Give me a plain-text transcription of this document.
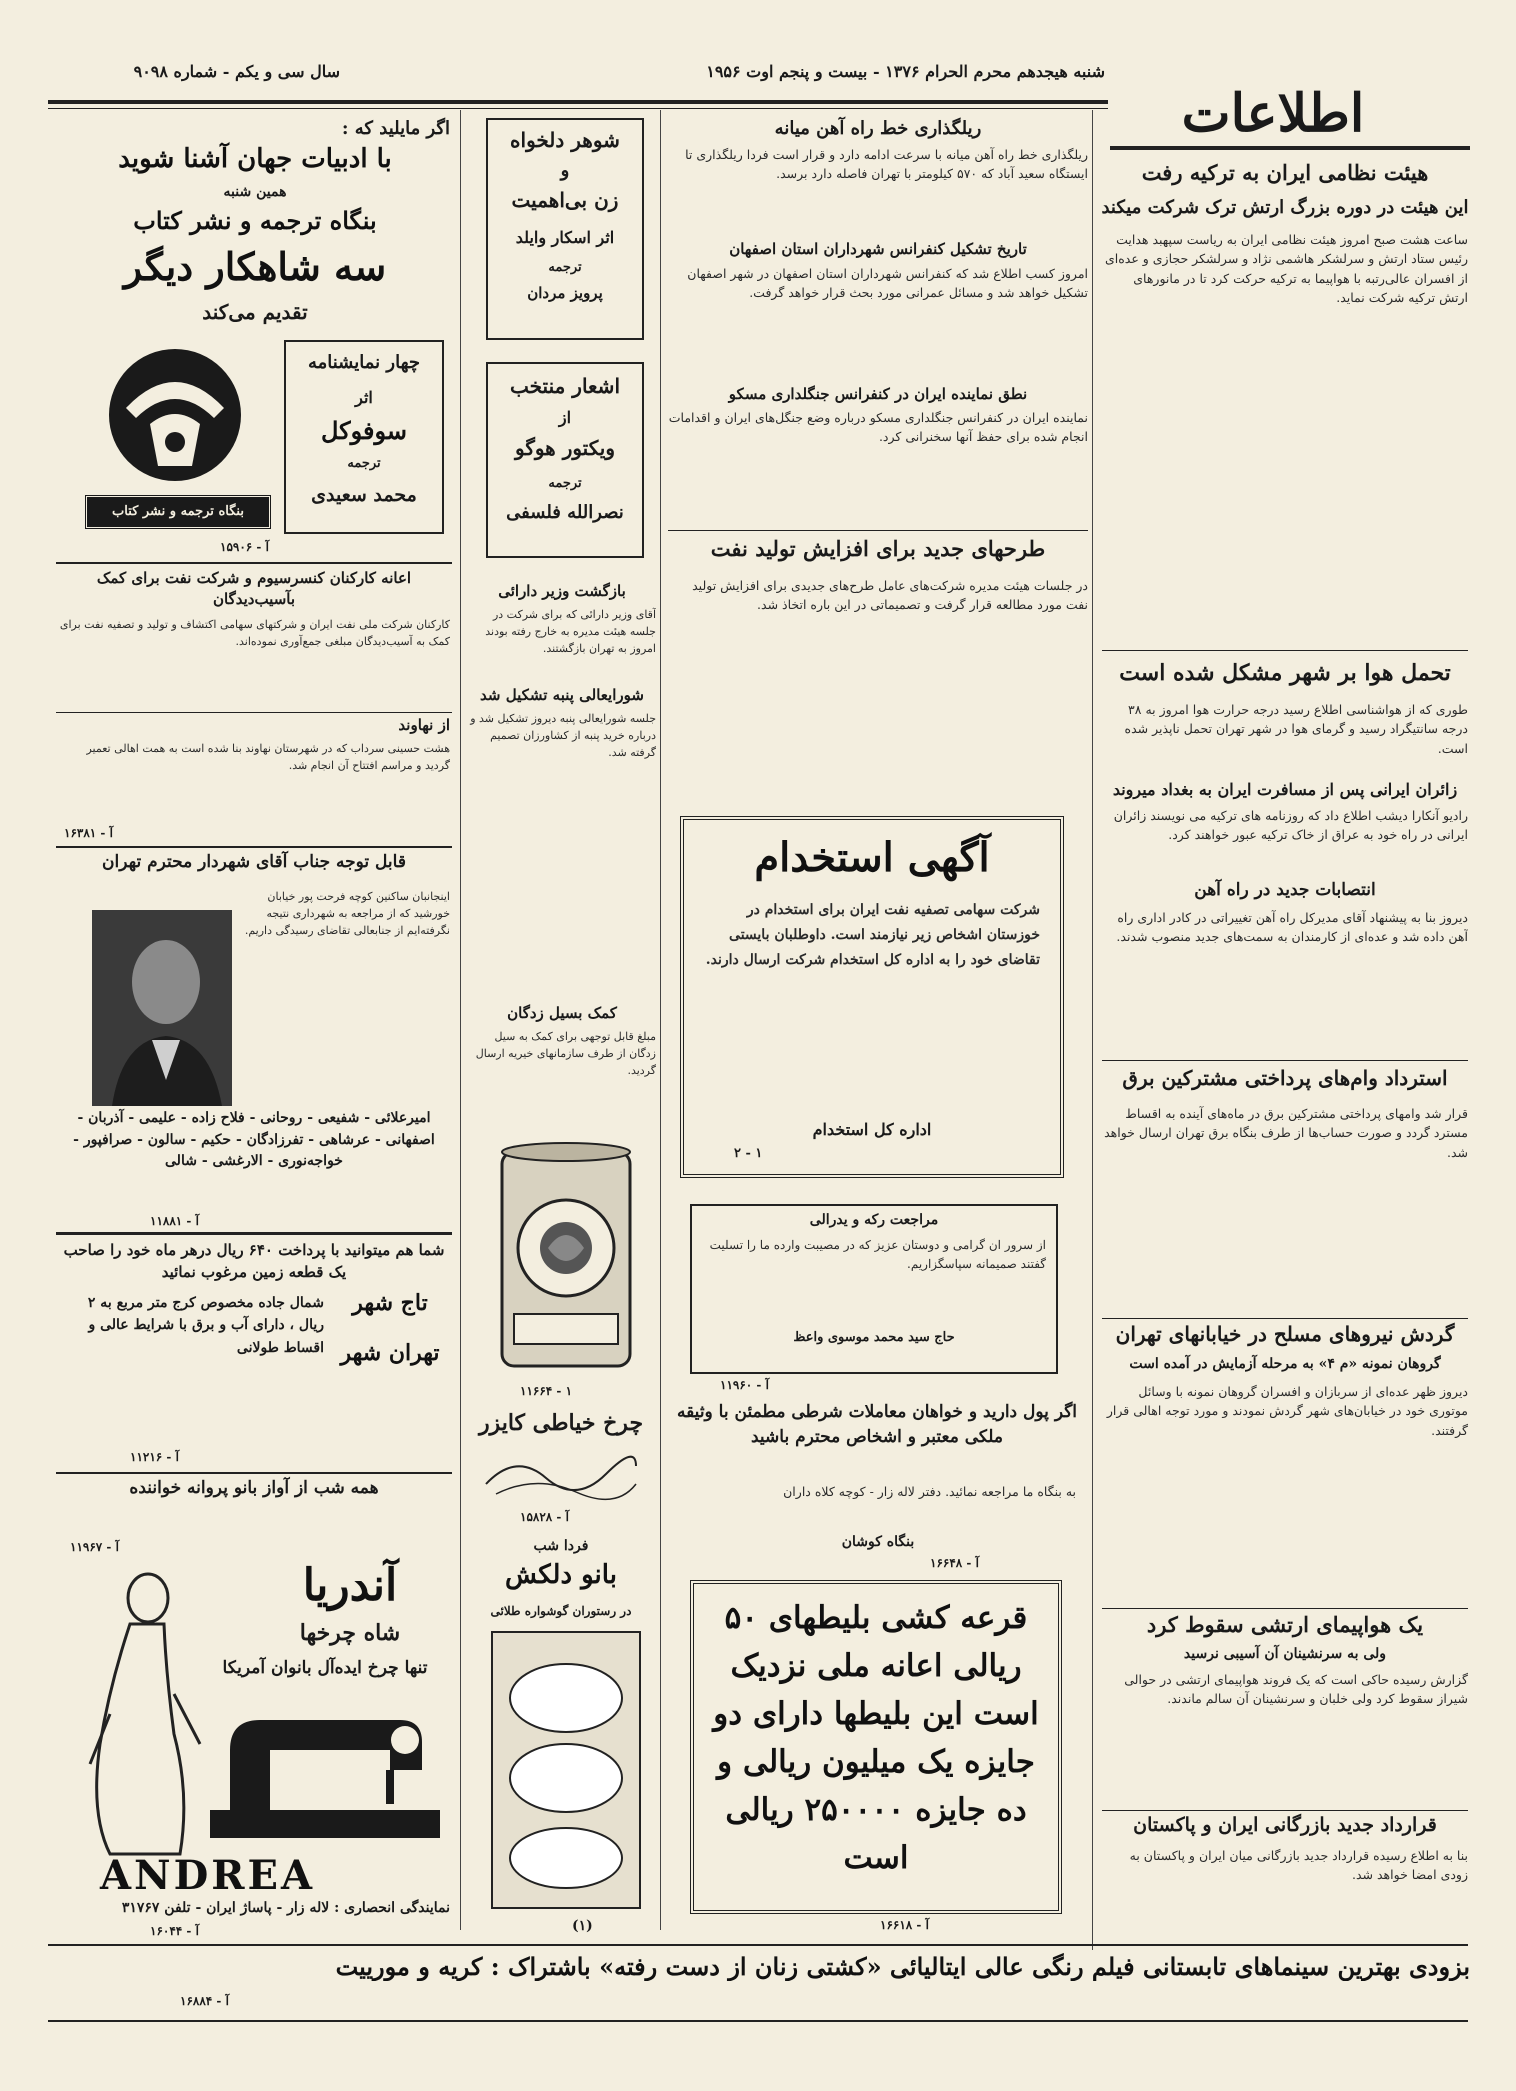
اطلاعات
شنبه هیجدهم محرم الحرام ۱۳۷۶ - بیست و پنجم اوت ۱۹۵۶
سال سی و یکم - شماره ۹۰۹۸
هیئت نظامی ایران به ترکیه رفت
این هیئت در دوره بزرگ ارتش ترک شرکت میکند
ساعت هشت صبح امروز هیئت نظامی ایران به ریاست سپهبد هدایت رئیس ستاد ارتش و سرلشکر هاشمی نژاد و سرلشکر حجازی و عده‌ای از افسران عالی‌رتبه با هواپیما به ترکیه حرکت کرد تا در مانورهای ارتش ترکیه شرکت نماید.
تحمل هوا بر شهر مشکل شده است
طوری که از هواشناسی اطلاع رسید درجه حرارت هوا امروز به ۳۸ درجه سانتیگراد رسید و گرمای هوا در شهر تهران تحمل ناپذیر شده است.
زائران ایرانی پس از مسافرت ایران به بغداد میروند
رادیو آنکارا دیشب اطلاع داد که روزنامه های ترکیه می نویسند زائران ایرانی در راه خود به عراق از خاک ترکیه عبور خواهند کرد.
انتصابات جدید در راه آهن
دیروز بنا به پیشنهاد آقای مدیرکل راه آهن تغییراتی در کادر اداری راه آهن داده شد و عده‌ای از کارمندان به سمت‌های جدید منصوب شدند.
استرداد وام‌های پرداختی مشترکین برق
قرار شد وامهای پرداختی مشترکین برق در ماه‌های آینده به اقساط مسترد گردد و صورت حساب‌ها از طرف بنگاه برق تهران ارسال خواهد شد.
گردش نیروهای مسلح در خیابانهای تهران
گروهان نمونه «م ۴» به مرحله آزمایش در آمده است
دیروز ظهر عده‌ای از سربازان و افسران گروهان نمونه با وسائل موتوری خود در خیابان‌های شهر گردش نمودند و مورد توجه اهالی قرار گرفتند.
یک هواپیمای ارتشی سقوط کرد
ولی به سرنشینان آن آسیبی نرسید
گزارش رسیده حاکی است که یک فروند هواپیمای ارتشی در حوالی شیراز سقوط کرد ولی خلبان و سرنشینان آن سالم ماندند.
قرارداد جدید بازرگانی ایران و پاکستان
بنا به اطلاع رسیده قرارداد جدید بازرگانی میان ایران و پاکستان به زودی امضا خواهد شد.
ریلگذاری خط راه آهن میانه
ریلگذاری خط راه آهن میانه با سرعت ادامه دارد و قرار است فردا ریلگذاری تا ایستگاه سعید آباد که ۵۷۰ کیلومتر با تهران فاصله دارد برسد.
تاریخ تشکیل کنفرانس شهرداران استان اصفهان
امروز کسب اطلاع شد که کنفرانس شهرداران استان اصفهان در شهر اصفهان تشکیل خواهد شد و مسائل عمرانی مورد بحث قرار خواهد گرفت.
نطق نماینده ایران در کنفرانس جنگلداری مسکو
نماینده ایران در کنفرانس جنگلداری مسکو درباره وضع جنگل‌های ایران و اقدامات انجام شده برای حفظ آنها سخنرانی کرد.
طرحهای جدید برای افزایش تولید نفت
در جلسات هیئت مدیره شرکت‌های عامل طرح‌های جدیدی برای افزایش تولید نفت مورد مطالعه قرار گرفت و تصمیماتی در این باره اتخاذ شد.
آگهی استخدام
شرکت سهامی تصفیه نفت ایران برای استخدام در خوزستان اشخاص زیر نیازمند است. داوطلبان بایستی تقاضای خود را به اداره کل استخدام شرکت ارسال دارند.
اداره کل استخدام
۲ - ۱
مراجعت رکه و یدرالی
از سرور ان گرامی و دوستان عزیز که در مصیبت وارده ما را تسلیت گفتند صمیمانه سپاسگزاریم.
حاج سید محمد موسوی واعظ
آ - ۱۱۹۶۰
اگر پول دارید و خواهان معاملات شرطی مطمئن با وثیقه ملکی معتبر و اشخاص محترم باشید
به بنگاه ما مراجعه نمائید. دفتر لاله زار - کوچه کلاه داران
بنگاه کوشان
آ - ۱۶۶۴۸
قرعه کشی بلیطهای ۵۰ ریالی اعانه ملی نزدیک است این بلیطها دارای دو جایزه یک میلیون ریالی و ده جایزه ۲۵۰۰۰۰ ریالی است
آ - ۱۶۶۱۸
شوهر دلخواه
و
زن بی‌اهمیت
اثر اسکار وایلد
ترجمه
پرویز مردان
اشعار منتخب
از
ویکتور هوگو
ترجمه
نصرالله فلسفی
بازگشت وزیر دارائی
آقای وزیر دارائی که برای شرکت در جلسه هیئت مدیره به خارج رفته بودند امروز به تهران بازگشتند.
شورایعالی پنبه تشکیل شد
جلسه شورایعالی پنبه دیروز تشکیل شد و درباره خرید پنبه از کشاورزان تصمیم گرفته شد.
کمک بسیل زدگان
مبلغ قابل توجهی برای کمک به سیل زدگان از طرف سازمانهای خیریه ارسال گردید.
۱۱۶۶۴ - ۱
چرخ خیاطی کایزر
آ - ۱۵۸۲۸
فردا شب
بانو دلکش
در رستوران گوشواره طلائی
(۱)
اگر مایلید که :
با ادبیات جهان آشنا شوید
همین شنبه
بنگاه ترجمه و نشر کتاب
سه شاهکار دیگر
تقدیم می‌کند
چهار نمایشنامه
اثر
سوفوکل
ترجمه
محمد سعیدی
بنگاه ترجمه و نشر کتاب
آ - ۱۵۹۰۶
اعانه کارکنان کنسرسیوم و شرکت نفت برای کمک بآسیب‌دیدگان
کارکنان شرکت ملی نفت ایران و شرکتهای سهامی اکتشاف و تولید و تصفیه نفت برای کمک به آسیب‌دیدگان مبلغی جمع‌آوری نموده‌اند.
از نهاوند
هشت حسینی سرداب که در شهرستان نهاوند بنا شده است به همت اهالی تعمیر گردید و مراسم افتتاح آن انجام شد.
آ - ۱۶۳۸۱
قابل توجه جناب آقای شهردار محترم تهران
اینجانبان ساکنین کوچه فرحت پور خیابان خورشید که از مراجعه به شهرداری نتیجه نگرفته‌ایم از جنابعالی تقاضای رسیدگی داریم.
امیرعلائی - شفیعی - روحانی - فلاح زاده - علیمی - آذربان - اصفهانی - عرشاهی - تفرزادگان - حکیم - سالون - صرافپور - خواجه‌نوری - الارغشی - شالی
آ - ۱۱۸۸۱
شما هم میتوانید با پرداخت ۶۴۰ ریال درهر ماه خود را صاحب یک قطعه زمین مرغوب نمائید
تاج شهر
تهران شهر
شمال جاده مخصوص کرج متر مربع به ۲ ریال ، دارای آب و برق با شرایط عالی و اقساط طولانی
آ - ۱۱۲۱۶
همه شب از آواز بانو پروانه خواننده
آ - ۱۱۹۶۷
آندریا
شاه چرخها
تنها چرخ ایده‌آل بانوان آمریکا
ANDREA
نمایندگی انحصاری : لاله زار - پاساژ ایران - تلفن ۳۱۷۶۷
آ - ۱۶۰۴۴
بزودی بهترین سینماهای تابستانی فیلم رنگی عالی ایتالیائی «کشتی زنان از دست رفته» باشتراک : کریه و مورییت
آ - ۱۶۸۸۴
